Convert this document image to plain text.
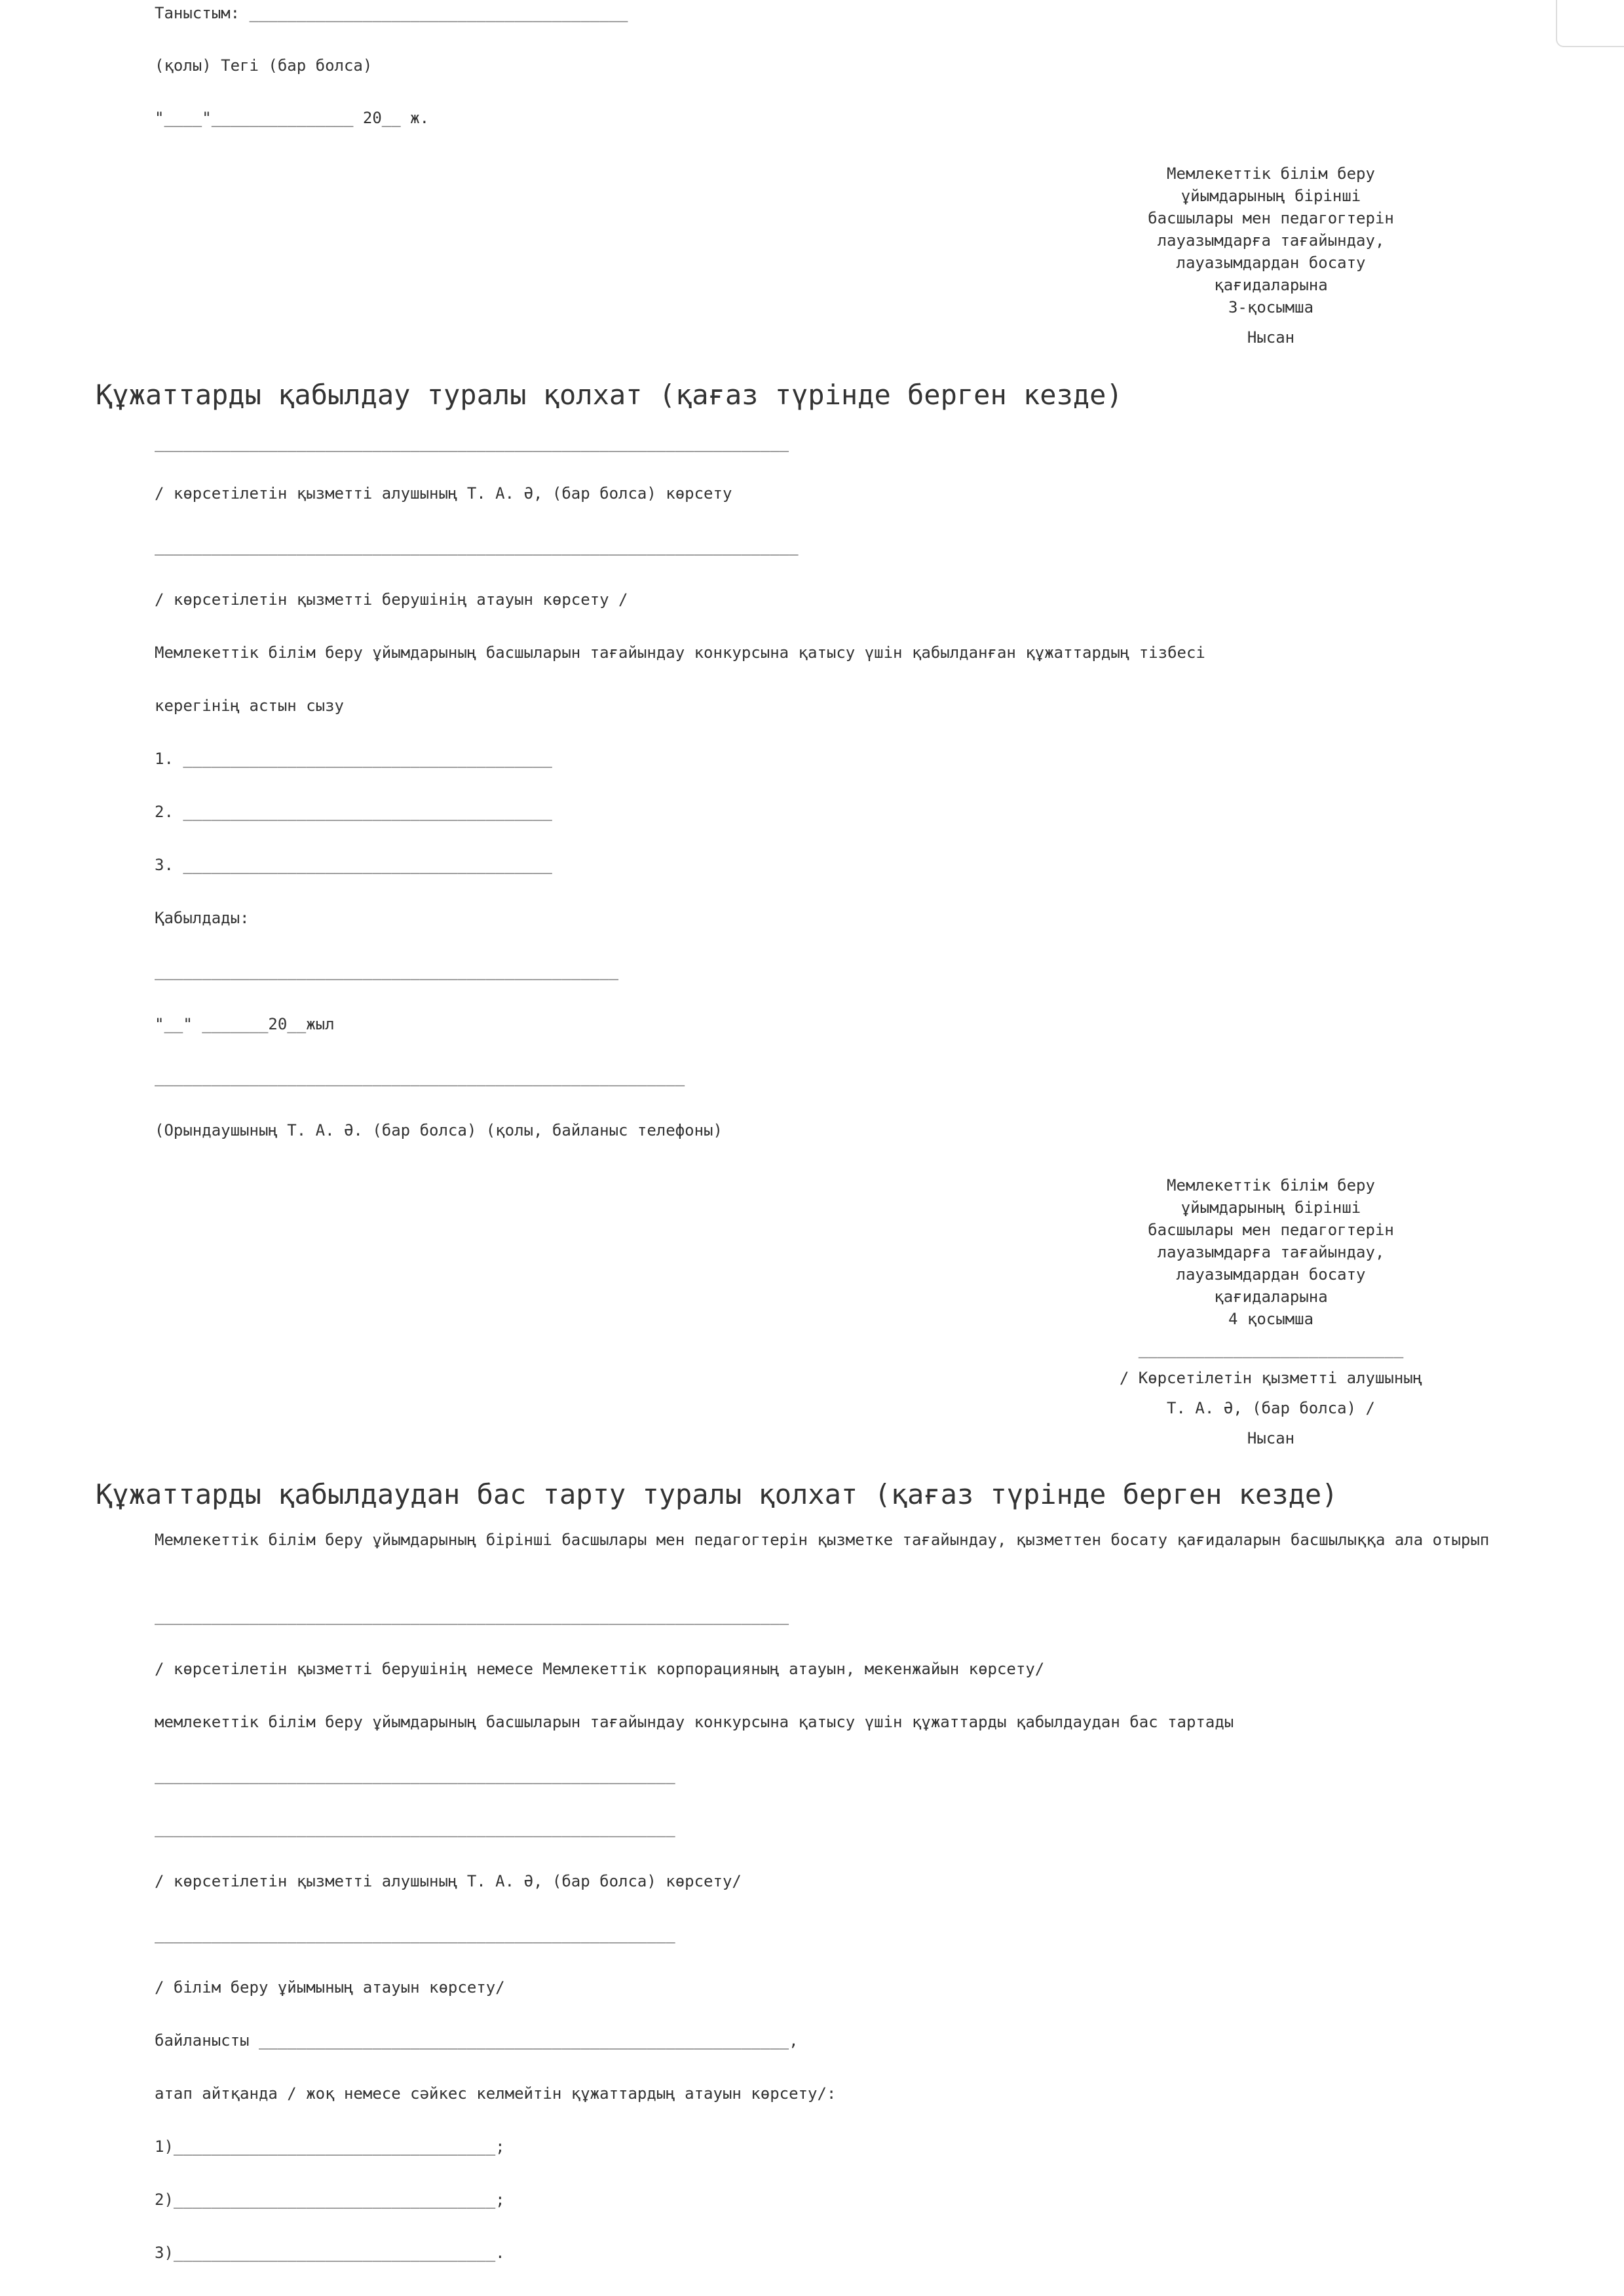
Таныстым: ________________________________________

(қолы) Тегі (бар болса)

"____"_______________ 20__ ж.

Мемлекеттік білім беру
ұйымдарының бірінші
басшылары мен педагогтерін
лауазымдарға тағайындау,
лауазымдардан босату
қағидаларына
3-қосымша
Нысан
Құжаттарды қабылдау туралы қолхат (қағаз түрінде берген кезде)

___________________________________________________________________

/ көрсетілетін қызметті алушының Т. А. Ә, (бар болса) көрсету

____________________________________________________________________

/ көрсетілетін қызметті берушінің атауын көрсету /

Мемлекеттік білім беру ұйымдарының басшыларын тағайындау конкурсына қатысу үшін қабылданған құжаттардың тізбесі

керегінің астын сызу

1. _______________________________________

2. _______________________________________

3. _______________________________________

Қабылдады:

_________________________________________________

"__" _______20__жыл

________________________________________________________

(Орындаушының Т. А. Ә. (бар болса) (қолы, байланыс телефоны)

Мемлекеттік білім беру
ұйымдарының бірінші
басшылары мен педагогтерін
лауазымдарға тағайындау,
лауазымдардан босату
қағидаларына
4 қосымша
____________________________
/ Көрсетілетін қызметті алушының
Т. А. Ә, (бар болса) /
Нысан
Құжаттарды қабылдаудан бас тарту туралы қолхат (қағаз түрінде берген кезде)

Мемлекеттік білім беру ұйымдарының бірінші басшылары мен педагогтерін қызметке тағайындау, қызметтен босату қағидаларын басшылыққа ала отырып

___________________________________________________________________

/ көрсетілетін қызметті берушінің немесе Мемлекеттік корпорацияның атауын, мекенжайын көрсету/

мемлекеттік білім беру ұйымдарының басшыларын тағайындау конкурсына қатысу үшін құжаттарды қабылдаудан бас тартады

_______________________________________________________

_______________________________________________________

/ көрсетілетін қызметті алушының Т. А. Ә, (бар болса) көрсету/

_______________________________________________________

/ білім беру ұйымының атауын көрсету/

байланысты ________________________________________________________,

атап айтқанда / жоқ немесе сәйкес келмейтін құжаттардың атауын көрсету/:

1)__________________________________;

2)__________________________________;

3)__________________________________.
